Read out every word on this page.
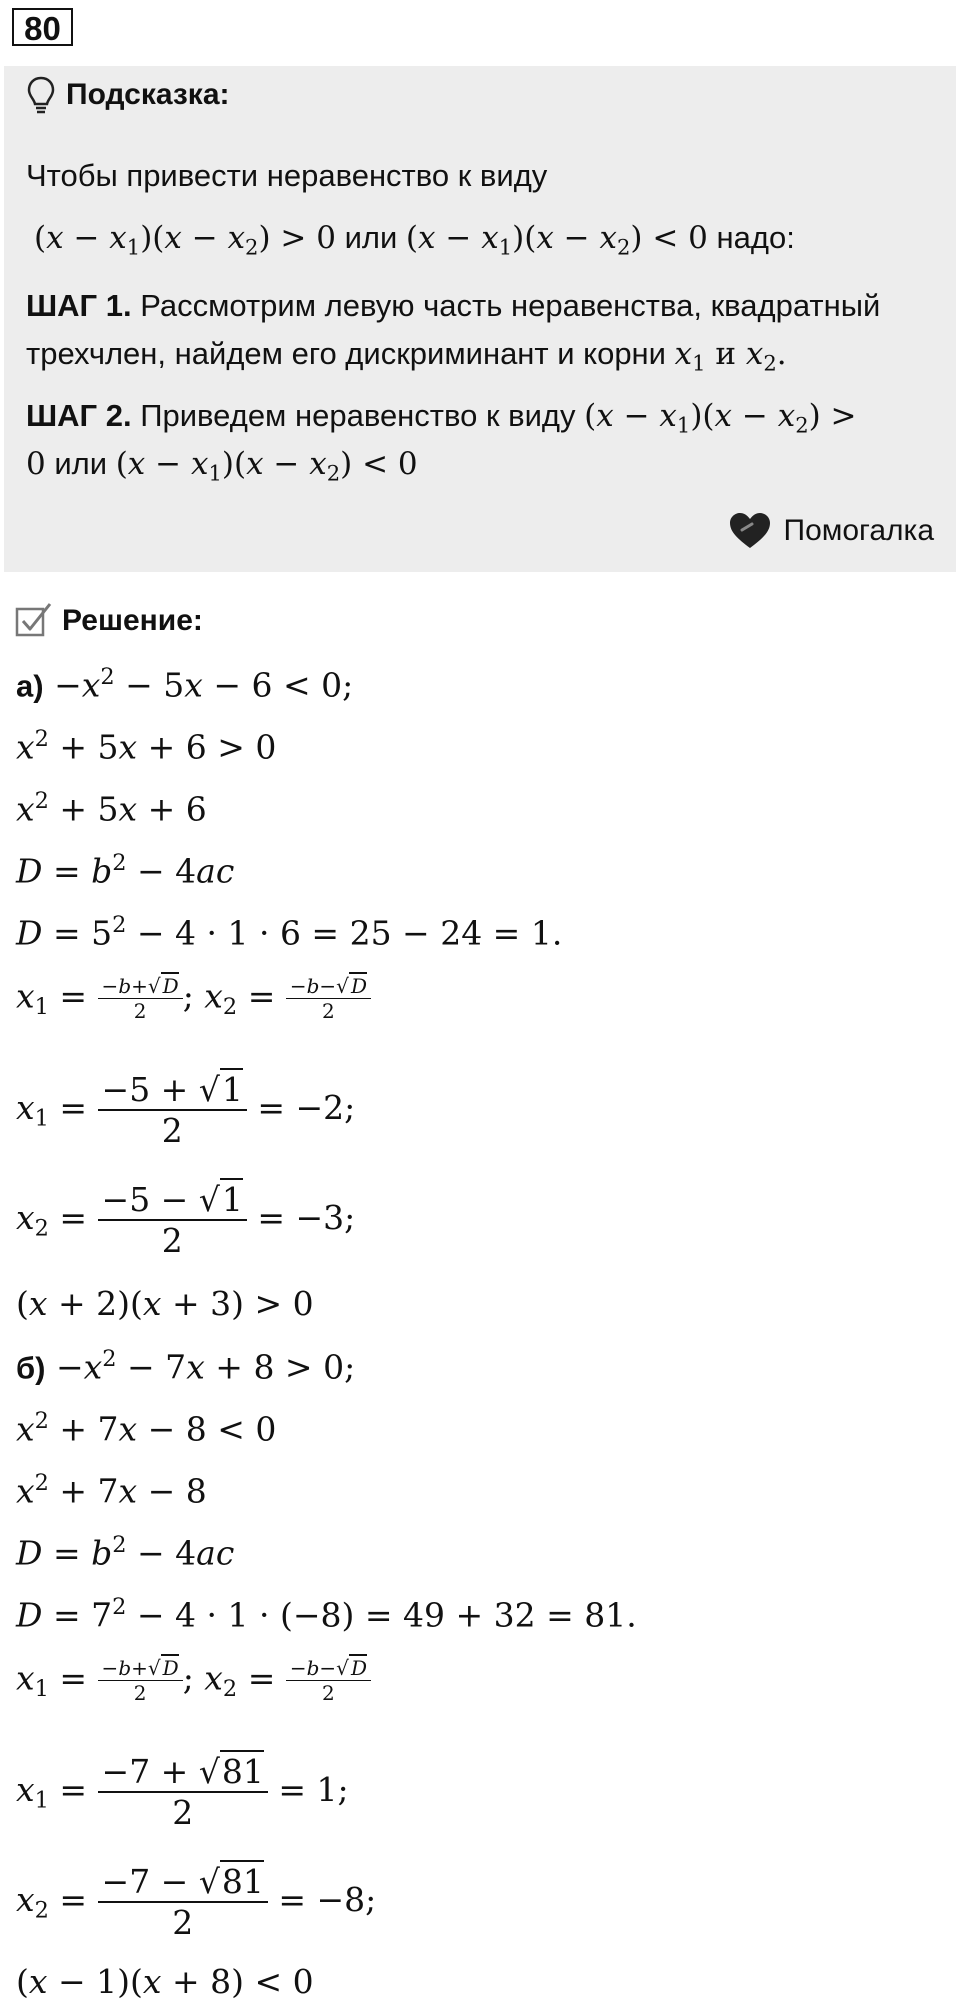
80
Подсказка:
Чтобы привести неравенство к виду
$(x - x_1)(x - x_2) > 0$ или $(x - x_1)(x - x_2) < 0$ надо:
ШАГ 1. Рассмотрим левую часть неравенства, квадратный
трехчлен, найдем его дискриминант и корни $x_1$ и $x_2$.
ШАГ 2. Приведем неравенство к виду $(x - x_1)(x - x_2)$ >
0 или $(x - x_1)(x - x_2) < 0$
Помогалка
Решение:
$а) -x^2 - 5x - 6 < 0$;
$x^2 + 5x + 6 > 0$
$x^2 + 5x + 6$
$D = b^2 - 4ac$
$D = 5^2 - 4 \cdot 1 \cdot 6 = 25 - 24 = 1$.
$x_1 = \frac{-b+√ D}{2}$ ; $x_2 = \frac{-b-√ D}{2}$
$x_1 = \frac{-5 + √1}{2} = -2$;
$x_2 = \frac{-5 - √1}{2} = -3$;
(x + 2)(x + 3) > 0
$б) -x^2 - 7x + 8 > 0$;
$x^2 + 7x - 8 < 0$
$x^2 + 7x - 8$
$D = b^2 - 4ac$
$D = 7^2 - 4 \cdot 1 \cdot (-8) = 49 + 32 = 81$.
$x_1 = \frac{-b+√ D}{2}$ ; $x_2 = \frac{-b-√ D}{2}$
$x_1 = \frac{-7 + √81}{2} = 1$;
$x_2 = \frac{-7 - √81}{2} = -8$;
(x − 1)(x + 8) < 0
